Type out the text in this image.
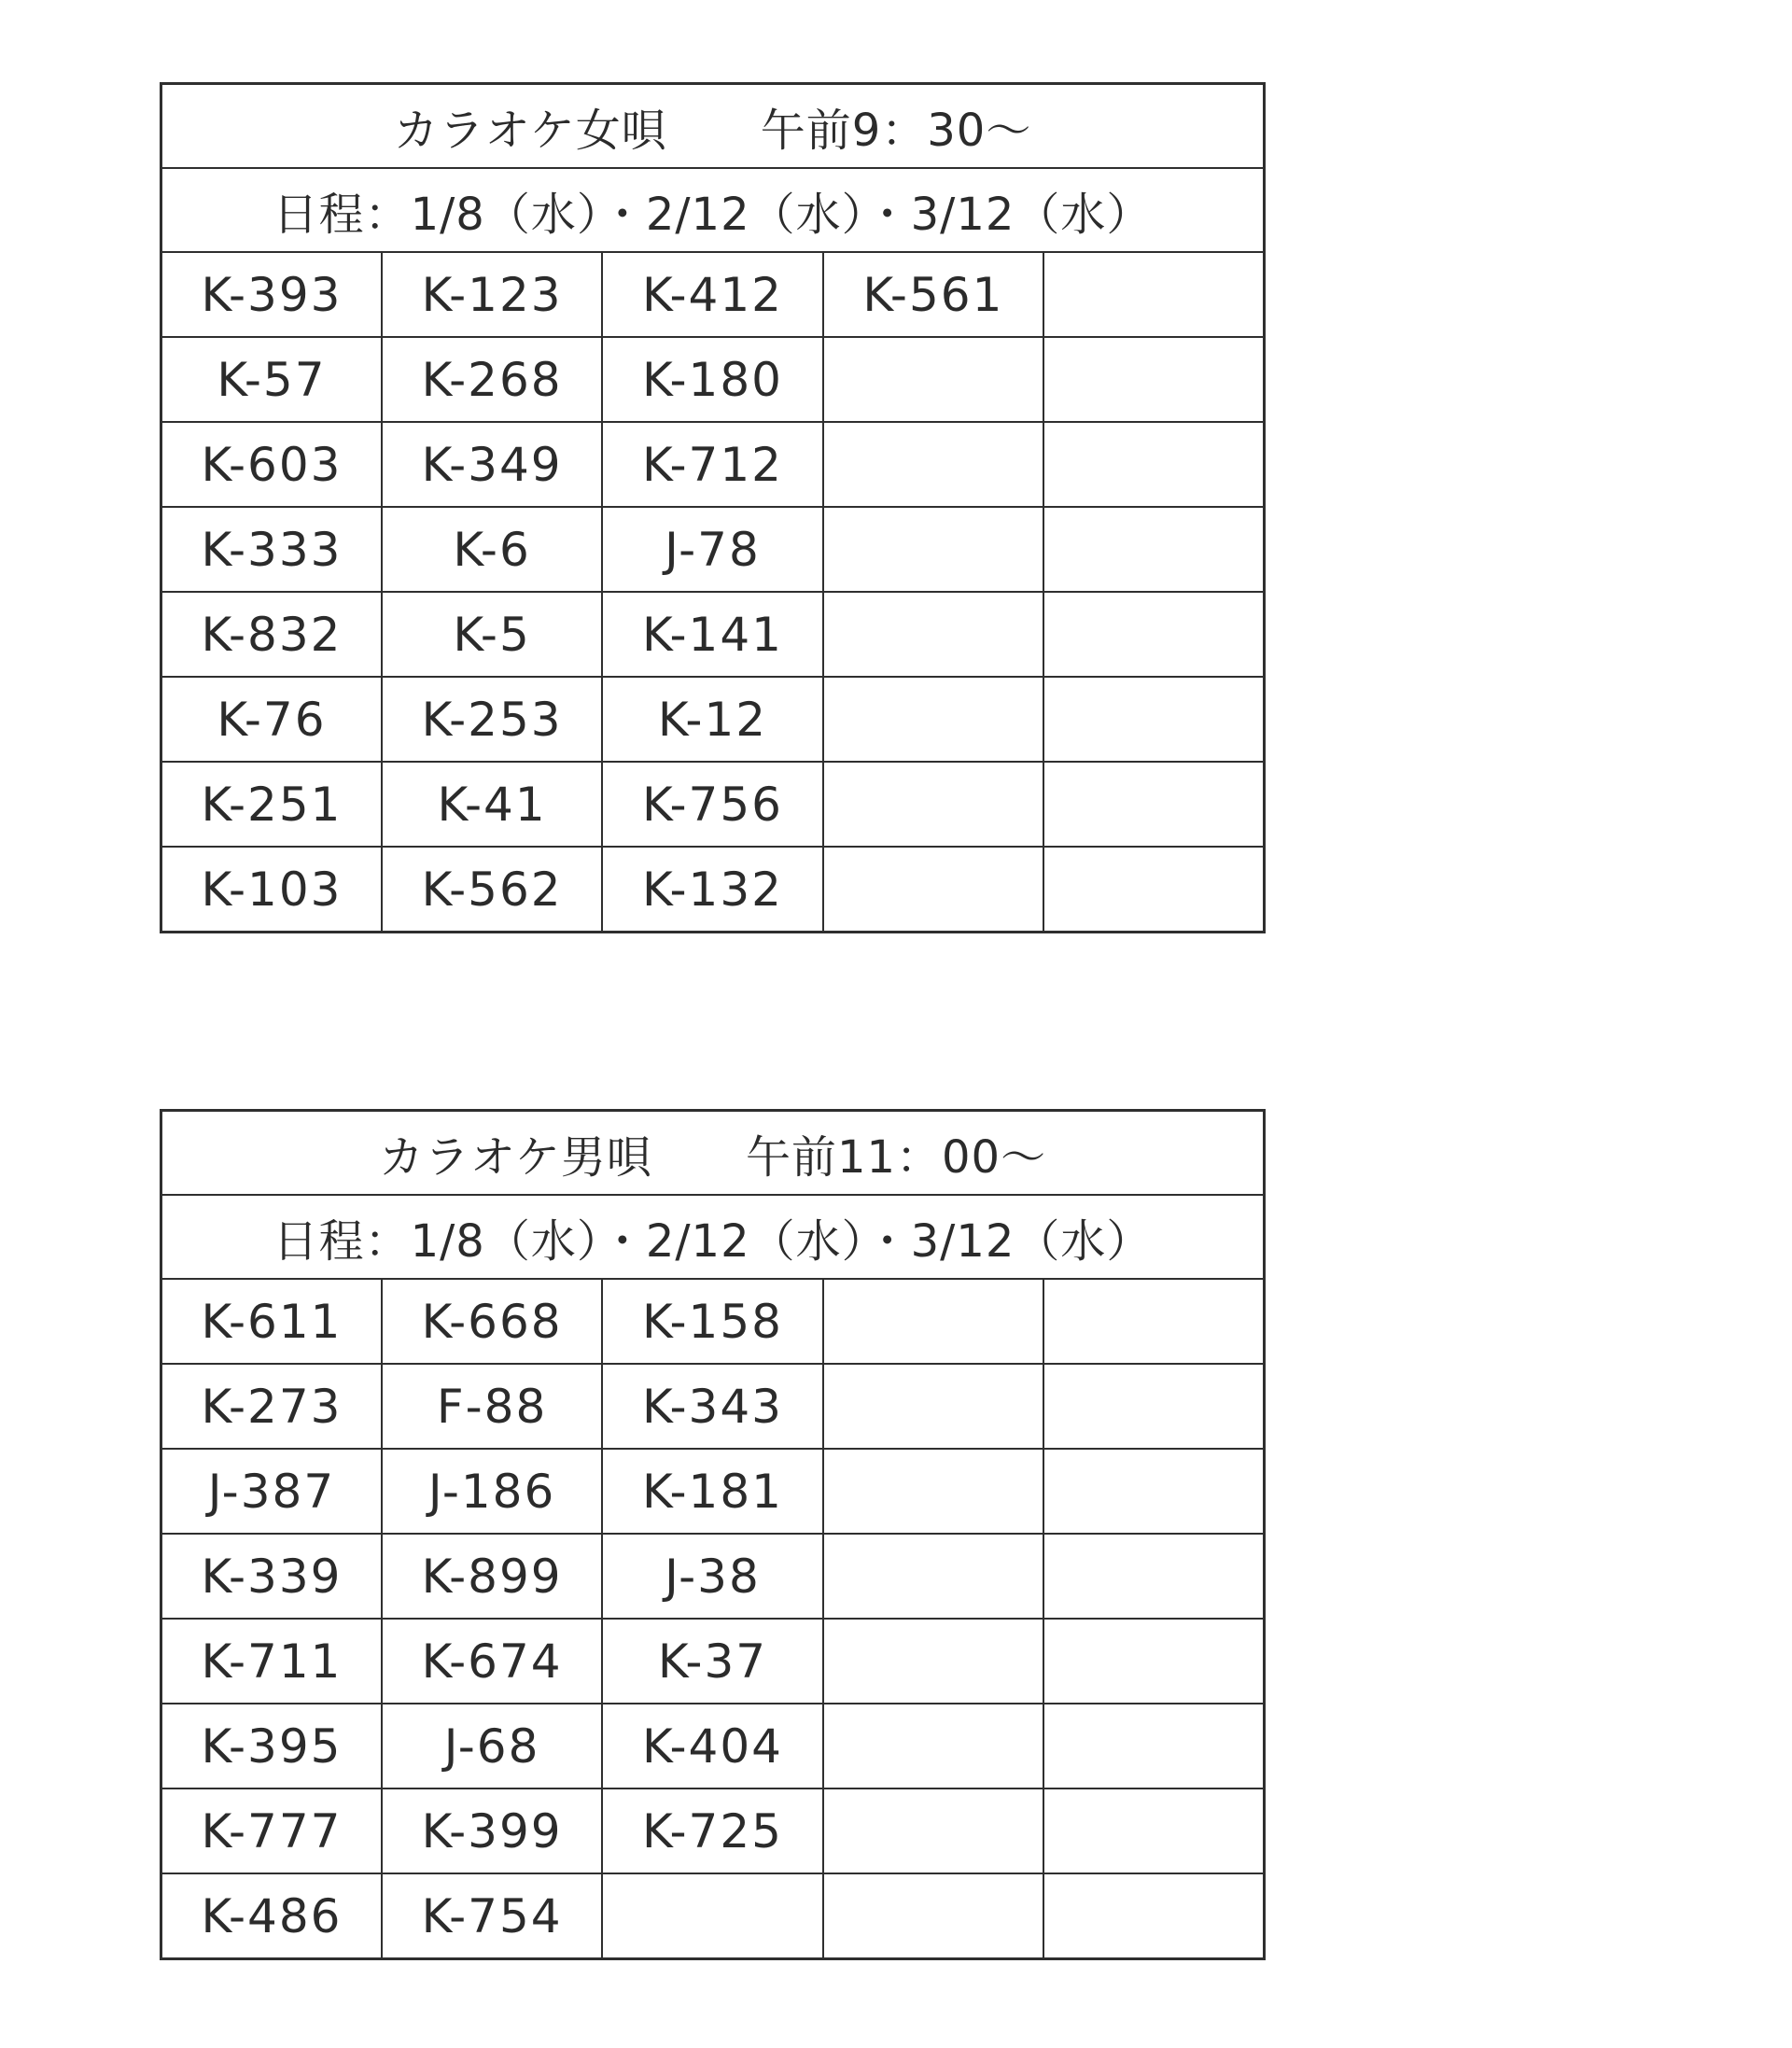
カラオケ女唄 午前9：30～				
日程：1/8（水）・2/12（水）・3/12（水）				
K-393	K-123	K-412	K-561	
K-57	K-268	K-180		
K-603	K-349	K-712		
K-333	K-6	J-78		
K-832	K-5	K-141		
K-76	K-253	K-12		
K-251	K-41	K-756		
K-103	K-562	K-132		
カラオケ男唄 午前11：00～				
日程：1/8（水）・2/12（水）・3/12（水）				
K-611	K-668	K-158		
K-273	F-88	K-343		
J-387	J-186	K-181		
K-339	K-899	J-38		
K-711	K-674	K-37		
K-395	J-68	K-404		
K-777	K-399	K-725		
K-486	K-754			
